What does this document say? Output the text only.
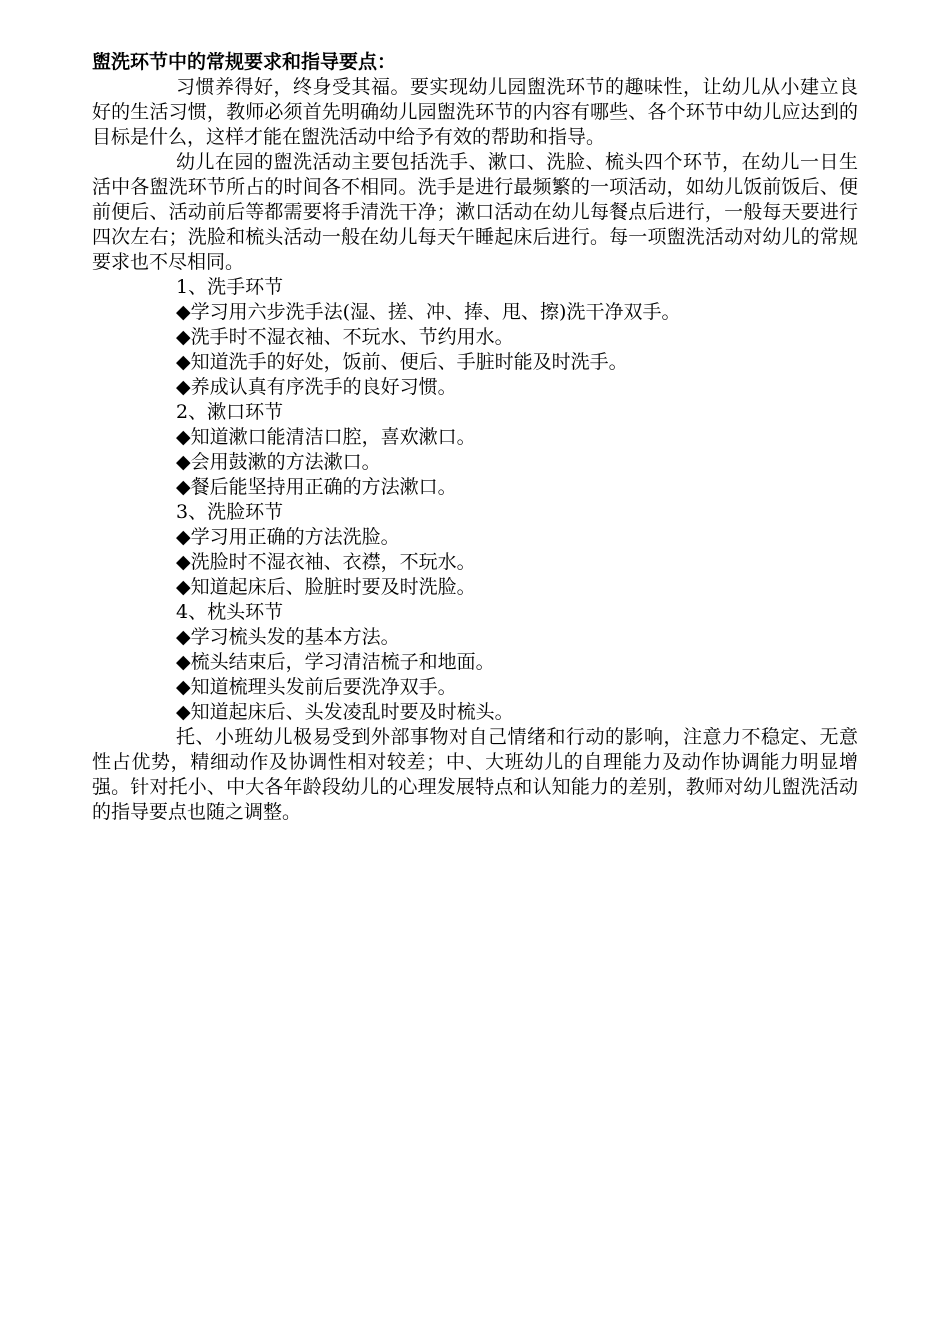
盥洗环节中的常规要求和指导要点：

习惯养得好，终身受其福。要实现幼儿园盥洗环节的趣味性，让幼儿从小建立良好的生活习惯，教师必须首先明确幼儿园盥洗环节的内容有哪些、各个环节中幼儿应达到的目标是什么，这样才能在盥洗活动中给予有效的帮助和指导。

幼儿在园的盥洗活动主要包括洗手、漱口、洗脸、梳头四个环节，在幼儿一日生活中各盥洗环节所占的时间各不相同。洗手是进行最频繁的一项活动，如幼儿饭前饭后、便前便后、活动前后等都需要将手清洗干净；漱口活动在幼儿每餐点后进行，一般每天要进行四次左右；洗脸和梳头活动一般在幼儿每天午睡起床后进行。每一项盥洗活动对幼儿的常规要求也不尽相同。

1、洗手环节

◆学习用六步洗手法(湿、搓、冲、捧、甩、擦)洗干净双手。

◆洗手时不湿衣袖、不玩水、节约用水。

◆知道洗手的好处，饭前、便后、手脏时能及时洗手。

◆养成认真有序洗手的良好习惯。

2、漱口环节

◆知道漱口能清洁口腔，喜欢漱口。

◆会用鼓漱的方法漱口。

◆餐后能坚持用正确的方法漱口。

3、洗脸环节

◆学习用正确的方法洗脸。

◆洗脸时不湿衣袖、衣襟，不玩水。

◆知道起床后、脸脏时要及时洗脸。

4、枕头环节

◆学习梳头发的基本方法。

◆梳头结束后，学习清洁梳子和地面。

◆知道梳理头发前后要洗净双手。

◆知道起床后、头发凌乱时要及时梳头。

托、小班幼儿极易受到外部事物对自己情绪和行动的影响，注意力不稳定、无意性占优势，精细动作及协调性相对较差；中、大班幼儿的自理能力及动作协调能力明显增强。针对托小、中大各年龄段幼儿的心理发展特点和认知能力的差别，教师对幼儿盥洗活动的指导要点也随之调整。
